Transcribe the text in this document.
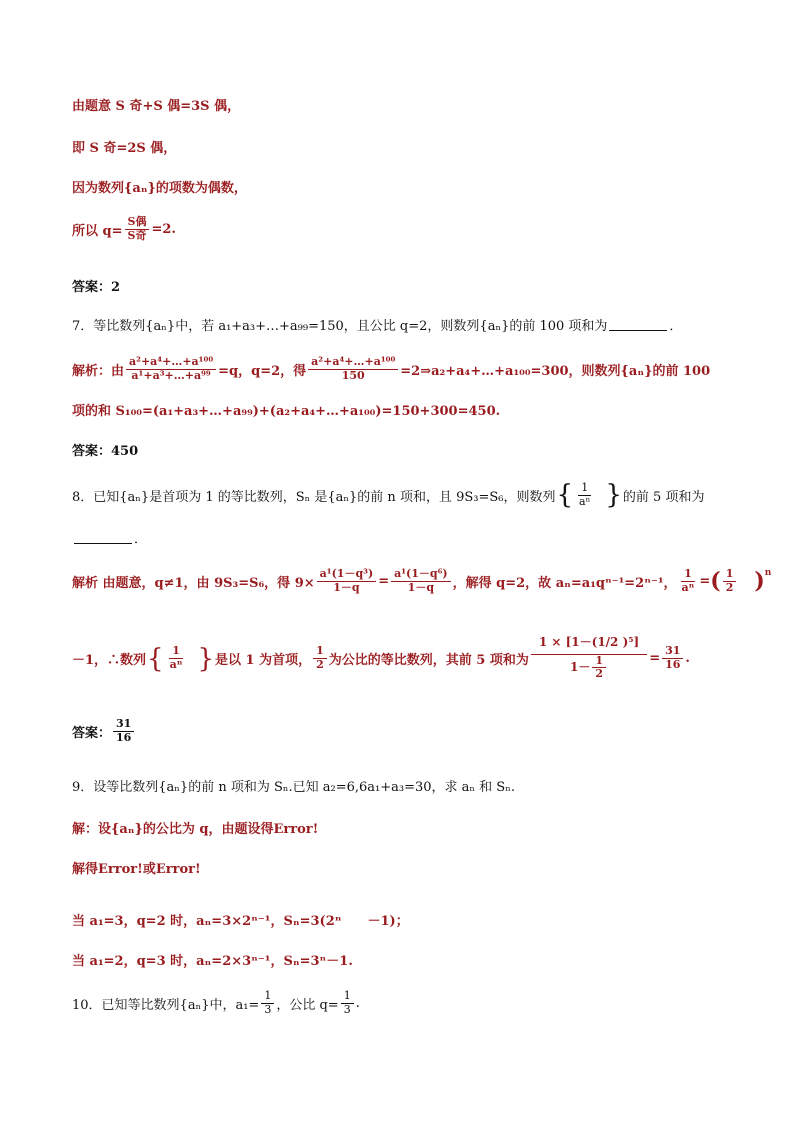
由题意 S 奇+S 偶=3S 偶，
即 S 奇=2S 偶，
因为数列{aₙ}的项数为偶数，
所以 $q= \frac{\text{S偶}}{\text{S奇}} =2$.
答案：2
7．等比数列{aₙ}中，若 a₁+a₃+…+a₉₉=150，且公比 q=2，则数列{aₙ}的前 100 项和为	．
解析：由 $\frac{\text{a²+a⁴+…+a¹⁰⁰}}{\text{a¹+a³+…+a⁹⁹}} =q$，q=2，得 $\frac{\text{a²+a⁴+…+a¹⁰⁰}}{150}$ =2⇒a₂+a₄+…+a₁₀₀=300，则数列{aₙ}的前 100
项的和 S₁₀₀=(a₁+a₃+…+a₉₉)+(a₂+a₄+…+a₁₀₀)=150+300=450.
答案：450
8．已知{aₙ}是首项为 1 的等比数列，Sₙ 是{aₙ}的前 n 项和，且 9S₃=S₆，则数列 { $\frac{1}{\text{aⁿ}}$ } 的前 5 项和为
．
解析 由题意，q≠1，由 9S₃=S₆，得 $9\times \frac{\text{a¹(1－q³)}}{1-q} = \frac{\text{a¹(1－q⁶)}}{1-q}$ ，解得 q=2，故 aₙ=a₁qⁿ⁻¹=2ⁿ⁻¹， $\frac{1}{\text{aⁿ}}$ = ( $\frac{1}{2} )^n$
－1，∴数列 { $\frac{1}{\text{aⁿ}}$ } 是以 1 为首项， $\frac{1}{2}$ 为公比的等比数列，其前 5 项和为 $\frac{\text{1 × [1－(1/2 )⁵]}}{1- \frac{1}{2}} = \frac{31}{16}$ .
答案： $\frac{31}{16}$
9．设等比数列{aₙ}的前 n 项和为 Sₙ.已知 a₂=6,6a₁+a₃=30，求 aₙ 和 Sₙ.
解：设{aₙ}的公比为 q，由题设得Error!
解得Error!或Error!
当 a₁=3，q=2 时，aₙ=3×2ⁿ⁻¹，Sₙ=3(2ⁿ　　－1)；
当 a₁=2，q=3 时，aₙ=2×3ⁿ⁻¹，Sₙ=3ⁿ－1.
10．已知等比数列{aₙ}中，$a_1= \frac{1}{3}$ ，公比 $q= \frac{1}{3}$ .
